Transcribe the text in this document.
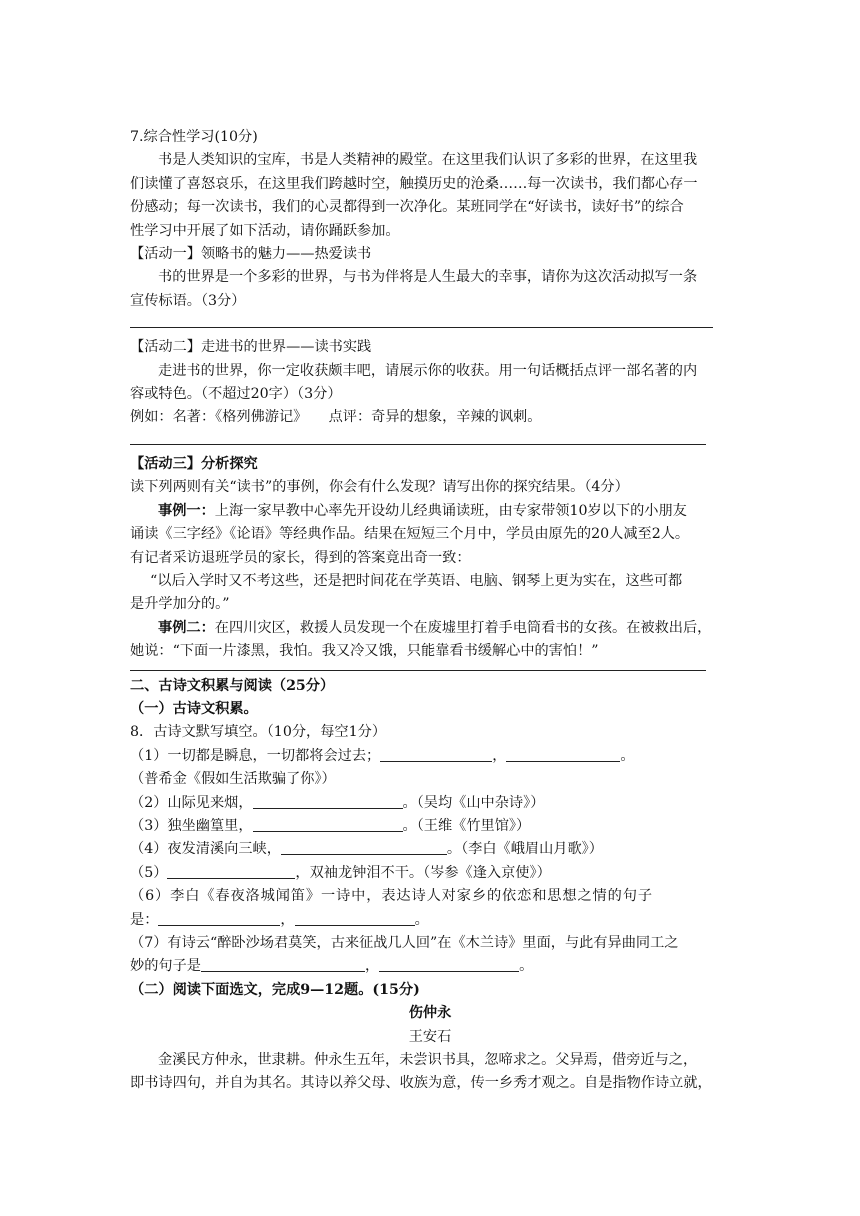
7.综合性学习(10分)
书是人类知识的宝库，书是人类精神的殿堂。在这里我们认识了多彩的世界，在这里我
们读懂了喜怒哀乐，在这里我们跨越时空，触摸历史的沧桑……每一次读书，我们都心存一
份感动；每一次读书，我们的心灵都得到一次净化。某班同学在“好读书，读好书”的综合
性学习中开展了如下活动，请你踊跃参加。
【活动一】领略书的魅力——热爱读书
书的世界是一个多彩的世界，与书为伴将是人生最大的幸事，请你为这次活动拟写一条
宣传标语。（3分）
【活动二】走进书的世界——读书实践
走进书的世界，你一定收获颇丰吧，请展示你的收获。用一句话概括点评一部名著的内
容或特色。（不超过20字）（3分）
例如：名著：《格列佛游记》　　点评：奇异的想象，辛辣的讽刺。
【活动三】分析探究
读下列两则有关“读书”的事例，你会有什么发现？请写出你的探究结果。（4分）
事例一：上海一家早教中心率先开设幼儿经典诵读班，由专家带领10岁以下的小朋友
诵读《三字经》《论语》等经典作品。结果在短短三个月中，学员由原先的20人减至2人。
有记者采访退班学员的家长，得到的答案竟出奇一致：
“以后入学时又不考这些，还是把时间花在学英语、电脑、钢琴上更为实在，这些可都
是升学加分的。”
事例二：在四川灾区，救援人员发现一个在废墟里打着手电筒看书的女孩。在被救出后，
她说：“下面一片漆黑，我怕。我又冷又饿，只能靠看书缓解心中的害怕！”
二、古诗文积累与阅读（25分）
（一）古诗文积累。
8．古诗文默写填空。（10分，每空1分）
（1）一切都是瞬息，一切都将会过去；	，	。
（普希金《假如生活欺骗了你》）
（2）山际见来烟，	。（吴均《山中杂诗》）
（3）独坐幽篁里，	。（王维《竹里馆》）
（4）夜发清溪向三峡，	。（李白《峨眉山月歌》）
（5）	，双袖龙钟泪不干。（岑参《逢入京使》）
（6）李白《春夜洛城闻笛》一诗中，表达诗人对家乡的依恋和思想之情的句子
是：	，	。
（7）有诗云“醉卧沙场君莫笑，古来征战几人回”在《木兰诗》里面，与此有异曲同工之
妙的句子是	，	。
（二）阅读下面选文，完成9—12题。(15分)
伤仲永
王安石
金溪民方仲永，世隶耕。仲永生五年，未尝识书具，忽啼求之。父异焉，借旁近与之，
即书诗四句，并自为其名。其诗以养父母、收族为意，传一乡秀才观之。自是指物作诗立就，
